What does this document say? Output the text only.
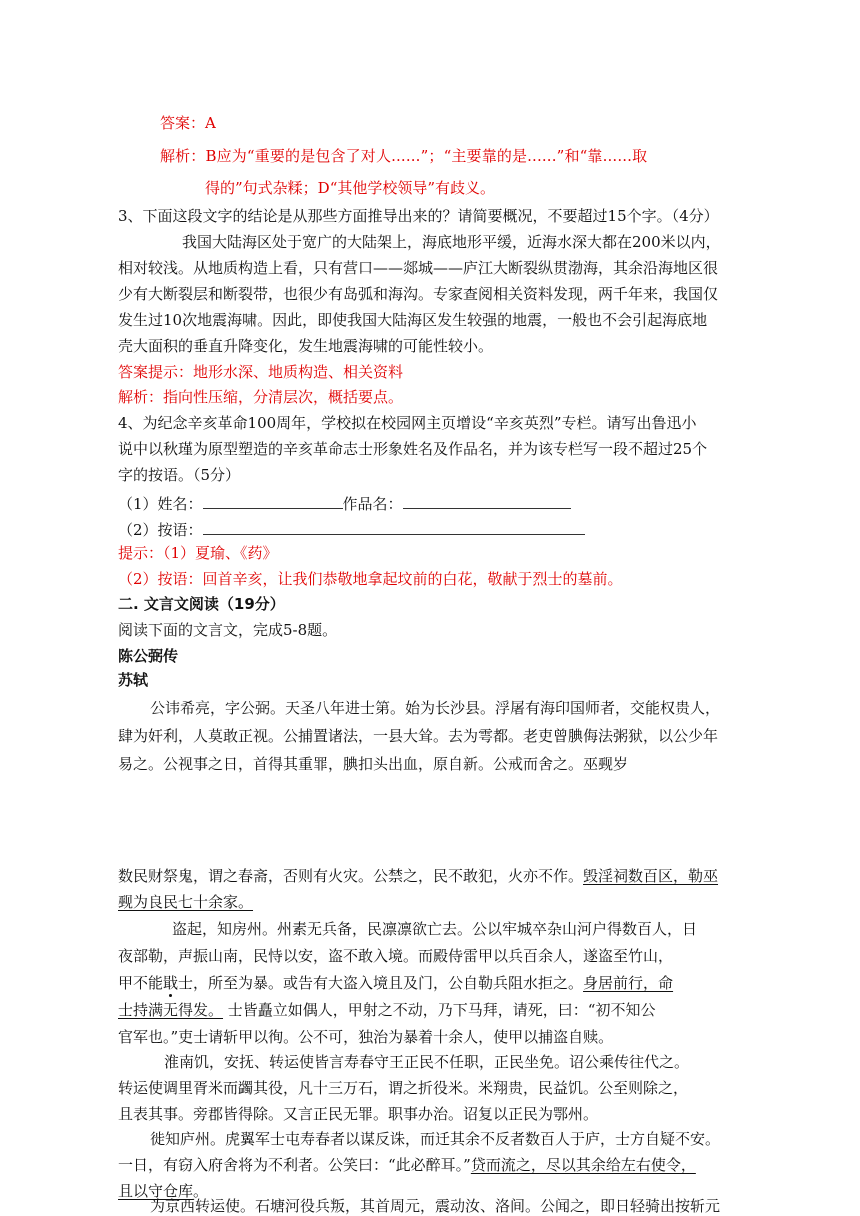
答案：A
解析：B应为“重要的是包含了对人......”；“主要靠的是......”和“靠......取
得的”句式杂糅；D“其他学校领导”有歧义。
3、下面这段文字的结论是从那些方面推导出来的？请简要概况，不要超过15个字。（4分）
我国大陆海区处于宽广的大陆架上，海底地形平缓，近海水深大都在200米以内，
相对较浅。从地质构造上看，只有营口——郯城——庐江大断裂纵贯渤海，其余沿海地区很
少有大断裂层和断裂带，也很少有岛弧和海沟。专家查阅相关资料发现，两千年来，我国仅
发生过10次地震海啸。因此，即使我国大陆海区发生较强的地震，一般也不会引起海底地
壳大面积的垂直升降变化，发生地震海啸的可能性较小。
答案提示：地形水深、地质构造、相关资料
解析：指向性压缩，分清层次，概括要点。
4、为纪念辛亥革命100周年，学校拟在校园网主页增设“辛亥英烈”专栏。请写出鲁迅小
说中以秋瑾为原型塑造的辛亥革命志士形象姓名及作品名，并为该专栏写一段不超过25个
字的按语。（5分）
（1）姓名：	作品名：
（2）按语：
提示：（1）夏瑜、《药》
（2）按语：回首辛亥，让我们恭敬地拿起坟前的白花，敬献于烈士的墓前。
二. 文言文阅读（19分）
阅读下面的文言文，完成5-8题。
陈公弼传
苏轼
公讳希亮，字公弼。天圣八年进士第。始为长沙县。浮屠有海印国师者，交能权贵人，
肆为奸利，人莫敢正视。公捕置诸法，一县大耸。去为雩都。老吏曾腆侮法粥狱，以公少年
易之。公视事之日，首得其重罪，腆扣头出血，原自新。公戒而舍之。巫觋岁
数民财祭鬼，谓之春斋，否则有火灾。公禁之，民不敢犯，火亦不作。毁淫祠数百区，勒巫
觋为良民七十余家。
盗起，知房州。州素无兵备，民凛凛欲亡去。公以牢城卒杂山河户得数百人，日
夜部勒，声振山南，民恃以安，盗不敢入境。而殿侍雷甲以兵百余人，遂盗至竹山，
甲不能戢士，所至为暴。或告有大盗入境且及门，公自勒兵阻水拒之。身居前行，命
士持满无得发。 士皆矗立如偶人，甲射之不动，乃下马拜，请死，曰：“初不知公
官军也。”吏士请斩甲以徇。公不可，独治为暴着十余人，使甲以捕盗自赎。
淮南饥，安抚、转运使皆言寿春守王正民不任职，正民坐免。诏公乘传往代之。
转运使调里胥米而蠲其役，凡十三万石，谓之折役米。米翔贵，民益饥。公至则除之，
且表其事。旁郡皆得除。又言正民无罪。职事办治。诏复以正民为鄂州。
徙知庐州。虎翼军士屯寿春者以谋反诛，而迁其余不反者数百人于庐，士方自疑不安。
一日，有窃入府舍将为不利者。公笑曰：“此必醉耳。”贷而流之，尽以其余给左右使令，
且以守仓库。
为京西转运使。石塘河役兵叛，其首周元，震动汝、洛间。公闻之，即日轻骑出按斩元
